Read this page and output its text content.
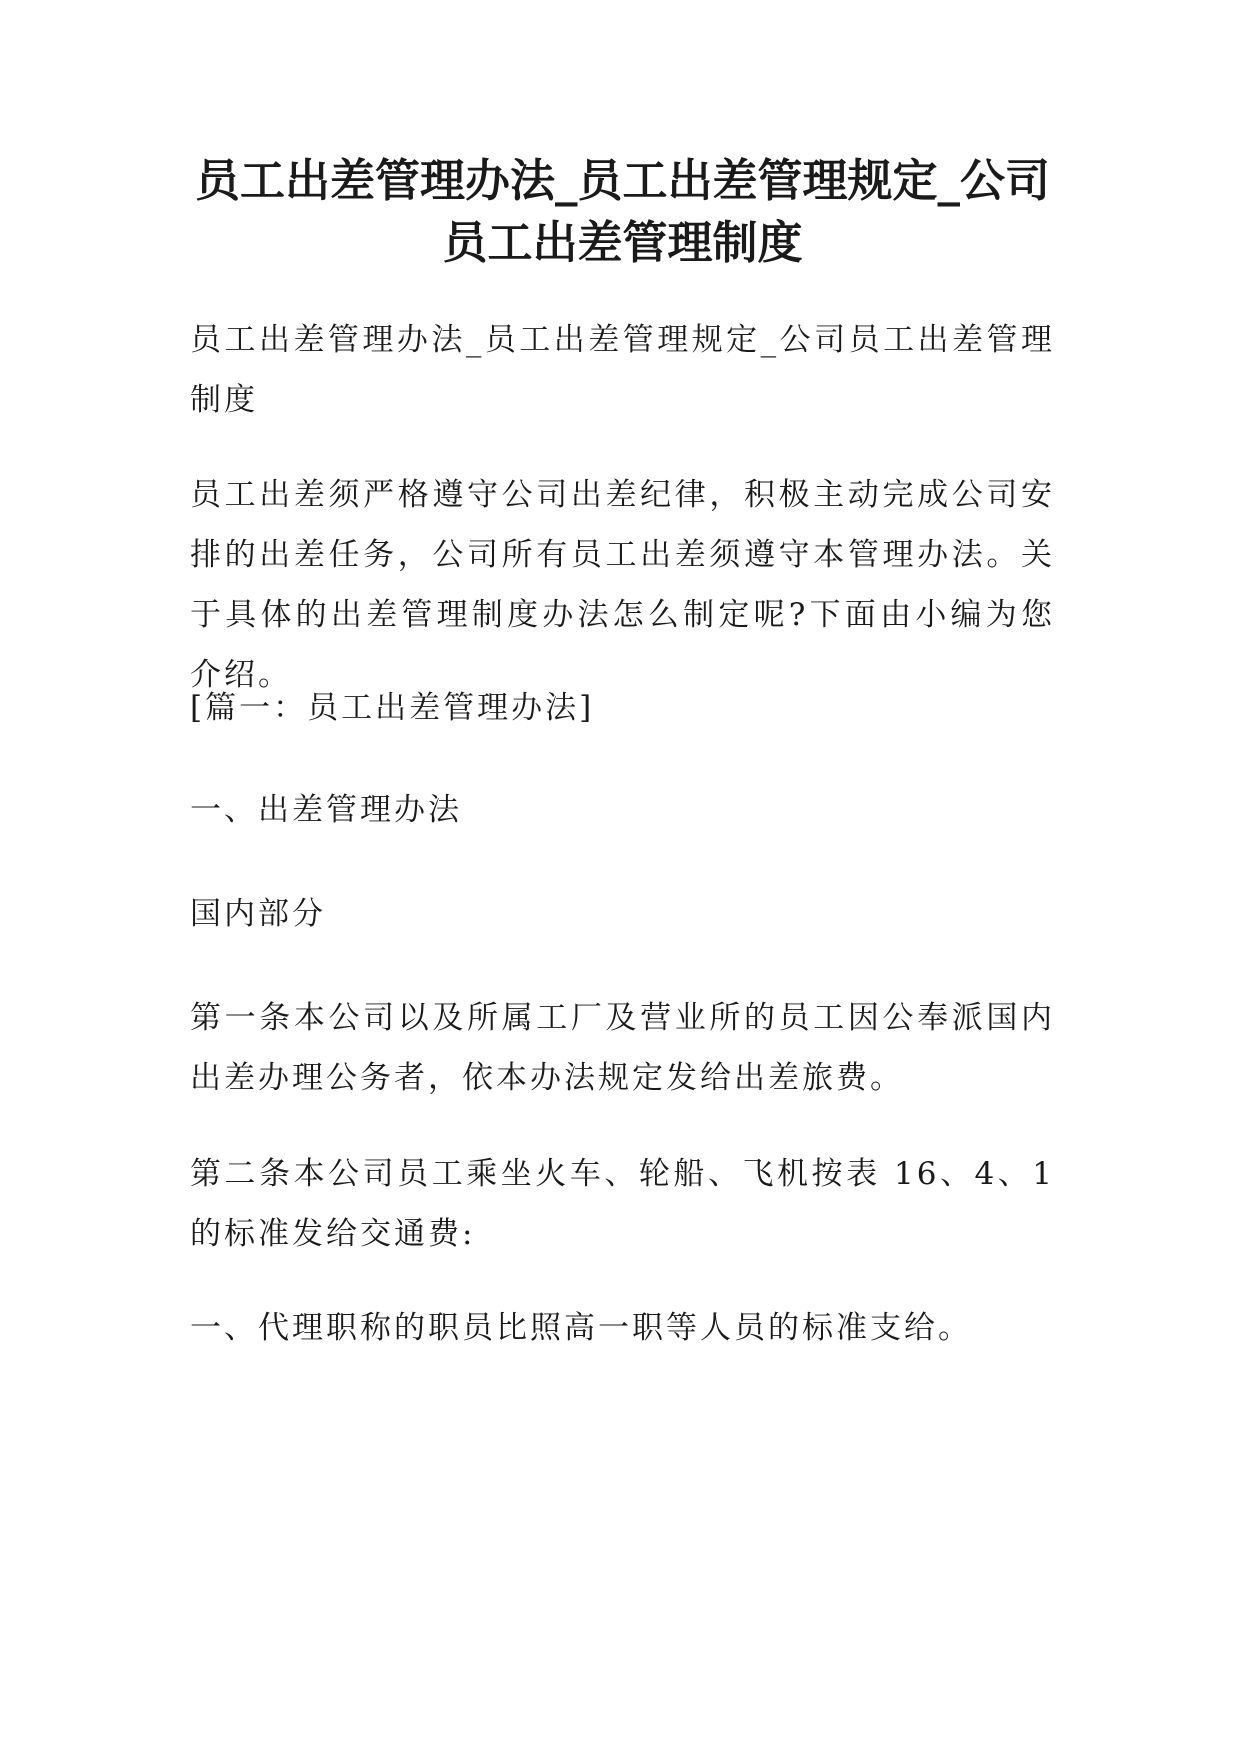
员工出差管理办法_员工出差管理规定_公司员工出差管理制度

员工出差管理办法_员工出差管理规定_公司员工出差管理制度

员工出差须严格遵守公司出差纪律，积极主动完成公司安排的出差任务，公司所有员工出差须遵守本管理办法。关于具体的出差管理制度办法怎么制定呢?下面由小编为您介绍。

[篇一：员工出差管理办法]

一、出差管理办法

国内部分

第一条本公司以及所属工厂及营业所的员工因公奉派国内出差办理公务者，依本办法规定发给出差旅费。

第二条本公司员工乘坐火车、轮船、飞机按表 16、4、1 的标准发给交通费:

一、代理职称的职员比照高一职等人员的标准支给。
